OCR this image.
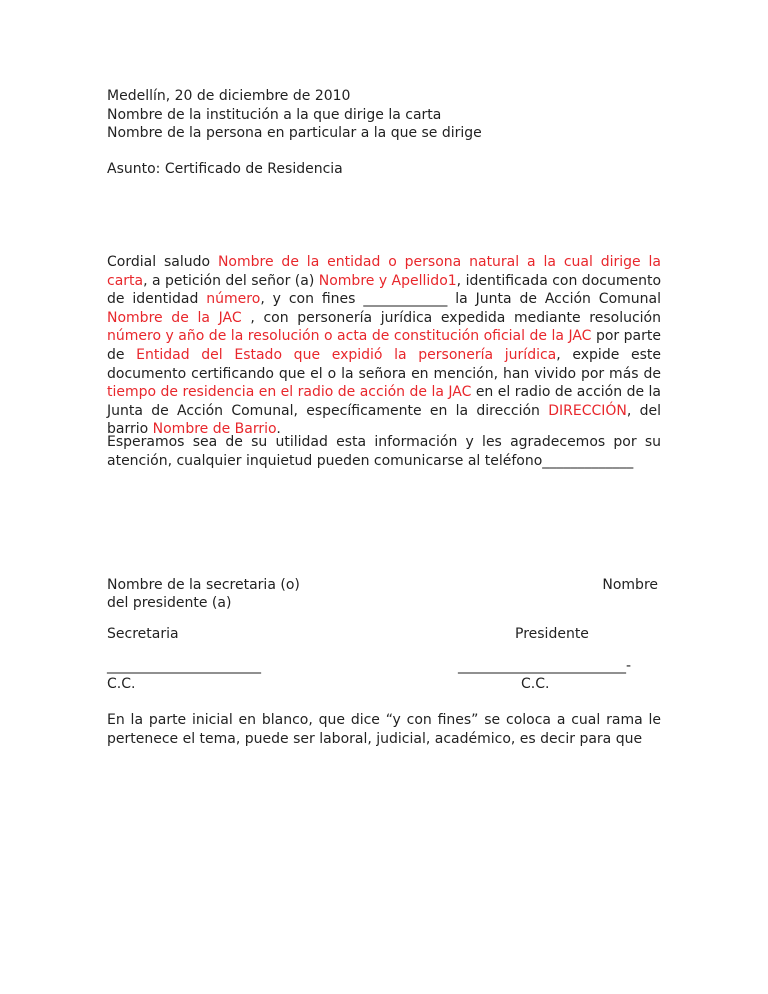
Medellín, 20 de diciembre de 2010
Nombre de la institución a la que dirige la carta
Nombre de la persona en particular a la que se dirige
Asunto: Certificado de Residencia
Cordial saludo Nombre de la entidad o persona natural a la cual dirige la carta, a petición del señor (a) Nombre y Apellido1, identificada con documento de identidad número, y con fines ____________ la Junta de Acción Comunal Nombre de la JAC , con personería jurídica expedida mediante resolución número y año de la resolución o acta de constitución oficial de la JAC por parte de Entidad del Estado que expidió la personería jurídica, expide este documento certificando que el o la señora en mención, han vivido por más de tiempo de residencia en el radio de acción de la JAC en el radio de acción de la Junta de Acción Comunal, específicamente en la dirección DIRECCIÓN, del barrio Nombre de Barrio.
Esperamos sea de su utilidad esta información y les agradecemos por su atención, cualquier inquietud pueden comunicarse al teléfono_____________
Nombre de la secretaria (o)	Nombre
del presidente (a)
Secretaria	Presidente
______________________	________________________-
C.C.	C.C.
En la parte inicial en blanco, que dice “y con fines” se coloca a cual rama le pertenece el tema, puede ser laboral, judicial, académico, es decir para que
